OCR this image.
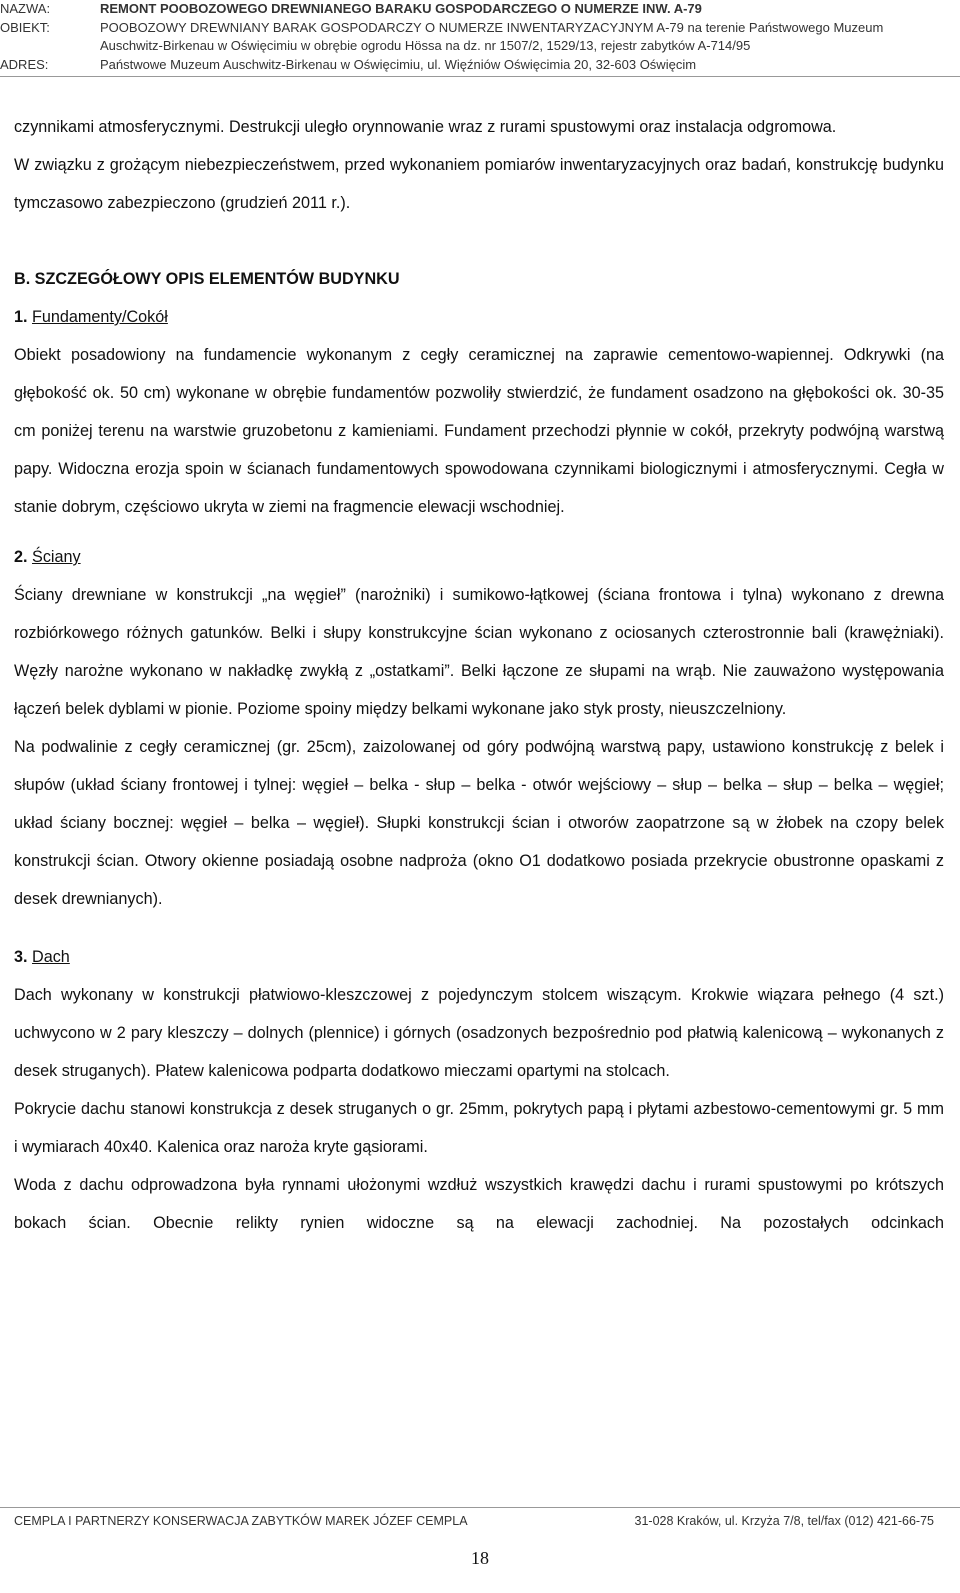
NAZWA:	REMONT POOBOZOWEGO DREWNIANEGO BARAKU GOSPODARCZEGO O NUMERZE INW. A-79
OBIEKT:	POOBOZOWY DREWNIANY BARAK GOSPODARCZY O NUMERZE INWENTARYZACYJNYM A-79 na terenie Państwowego Muzeum
Auschwitz-Birkenau w Oświęcimiu w obrębie ogrodu Hössa na dz. nr 1507/2, 1529/13, rejestr zabytków A-714/95
ADRES:	Państwowe Muzeum Auschwitz-Birkenau w Oświęcimiu, ul. Więźniów Oświęcimia 20, 32-603 Oświęcim

czynnikami atmosferycznymi. Destrukcji uległo orynnowanie wraz z rurami spustowymi oraz instalacja odgromowa.

W związku z grożącym niebezpieczeństwem, przed wykonaniem pomiarów inwentaryzacyjnych oraz badań, konstrukcję budynku tymczasowo zabezpieczono (grudzień 2011 r.).

B. SZCZEGÓŁOWY OPIS ELEMENTÓW BUDYNKU

1. Fundamenty/Cokół

Obiekt posadowiony na fundamencie wykonanym z cegły ceramicznej na zaprawie cementowo-wapiennej. Odkrywki (na głębokość ok. 50 cm) wykonane w obrębie fundamentów pozwoliły stwierdzić, że fundament osadzono na głębokości ok. 30-35 cm poniżej terenu na warstwie gruzobetonu z kamieniami. Fundament przechodzi płynnie w cokół, przekryty podwójną warstwą papy. Widoczna erozja spoin w ścianach fundamentowych spowodowana czynnikami biologicznymi i atmosferycznymi. Cegła w stanie dobrym, częściowo ukryta w ziemi na fragmencie elewacji wschodniej.

2. Ściany

Ściany drewniane w konstrukcji „na węgieł” (narożniki) i sumikowo-łątkowej (ściana frontowa i tylna) wykonano z drewna rozbiórkowego różnych gatunków. Belki i słupy konstrukcyjne ścian wykonano z ociosanych czterostronnie bali (krawężniaki). Węzły narożne wykonano w nakładkę zwykłą z „ostatkami”. Belki łączone ze słupami na wrąb. Nie zauważono występowania łączeń belek dyblami w pionie. Poziome spoiny między belkami wykonane jako styk prosty, nieuszczelniony.

Na podwalinie z cegły ceramicznej (gr. 25cm), zaizolowanej od góry podwójną warstwą papy, ustawiono konstrukcję z belek i słupów (układ ściany frontowej i tylnej: węgieł – belka - słup – belka - otwór wejściowy – słup – belka – słup – belka – węgieł; układ ściany bocznej: węgieł – belka – węgieł). Słupki konstrukcji ścian i otworów zaopatrzone są w żłobek na czopy belek konstrukcji ścian. Otwory okienne posiadają osobne nadproża (okno O1 dodatkowo posiada przekrycie obustronne opaskami z desek drewnianych).

3. Dach

Dach wykonany w konstrukcji płatwiowo-kleszczowej z pojedynczym stolcem wiszącym. Krokwie wiązara pełnego (4 szt.) uchwycono w 2 pary kleszczy – dolnych (plennice) i górnych (osadzonych bezpośrednio pod płatwią kalenicową – wykonanych z desek struganych). Płatew kalenicowa podparta dodatkowo mieczami opartymi na stolcach.

Pokrycie dachu stanowi konstrukcja z desek struganych o gr. 25mm, pokrytych papą i płytami azbestowo-cementowymi gr. 5 mm i wymiarach 40x40. Kalenica oraz naroża kryte gąsiorami.

Woda z dachu odprowadzona była rynnami ułożonymi wzdłuż wszystkich krawędzi dachu i rurami spustowymi po krótszych bokach ścian. Obecnie relikty rynien widoczne są na elewacji zachodniej. Na pozostałych odcinkach

CEMPLA I PARTNERZY KONSERWACJA ZABYTKÓW MAREK JÓZEF CEMPLA	31-028 Kraków, ul. Krzyża 7/8, tel/fax (012) 421-66-75
18
